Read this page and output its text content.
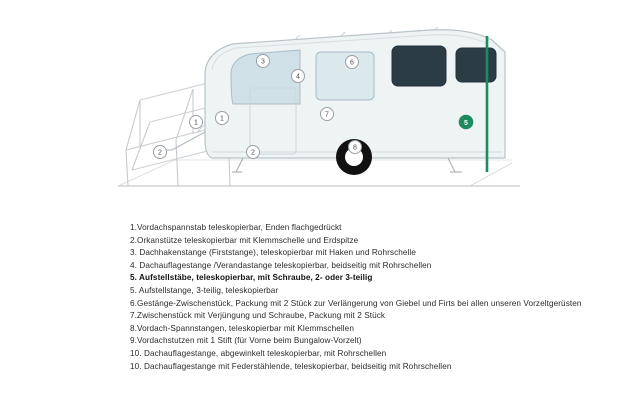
1
1
2	2
3
4
6
7
8
5
1.Vordachspannstab teleskopierbar, Enden flachgedrückt
2.Orkanstütze teleskopierbar mit Klemmschelle und Erdspitze
3. Dachhakenstange (Firststange), teleskopierbar mit Haken und Rohrschelle
4. Dachauflagestange /Verandastange teleskopierbar, beidseitig mit Rohrschellen
5. Aufstellstäbe, teleskopierbar, mit Schraube, 2- oder 3-teilig
5. Aufstellstange, 3-teilig, teleskopierbar
6.Gestänge-Zwischenstück, Packung mit 2 Stück zur Verlängerung von Giebel und Firts bei allen unseren Vorzeltgerüsten
7.Zwischenstück mit Verjüngung und Schraube, Packung mit 2 Stück
8.Vordach-Spannstangen, teleskopierbar mit Klemmschellen
9.Vordachstutzen mit 1 Stift (für Vorne beim Bungalow-Vorzelt)
10. Dachauflagestange, abgewinkelt teleskopierbar, mit Rohrschellen
10. Dachauflagestange mit Federstählende, teleskopierbar, beidseitig mit Rohrschellen
